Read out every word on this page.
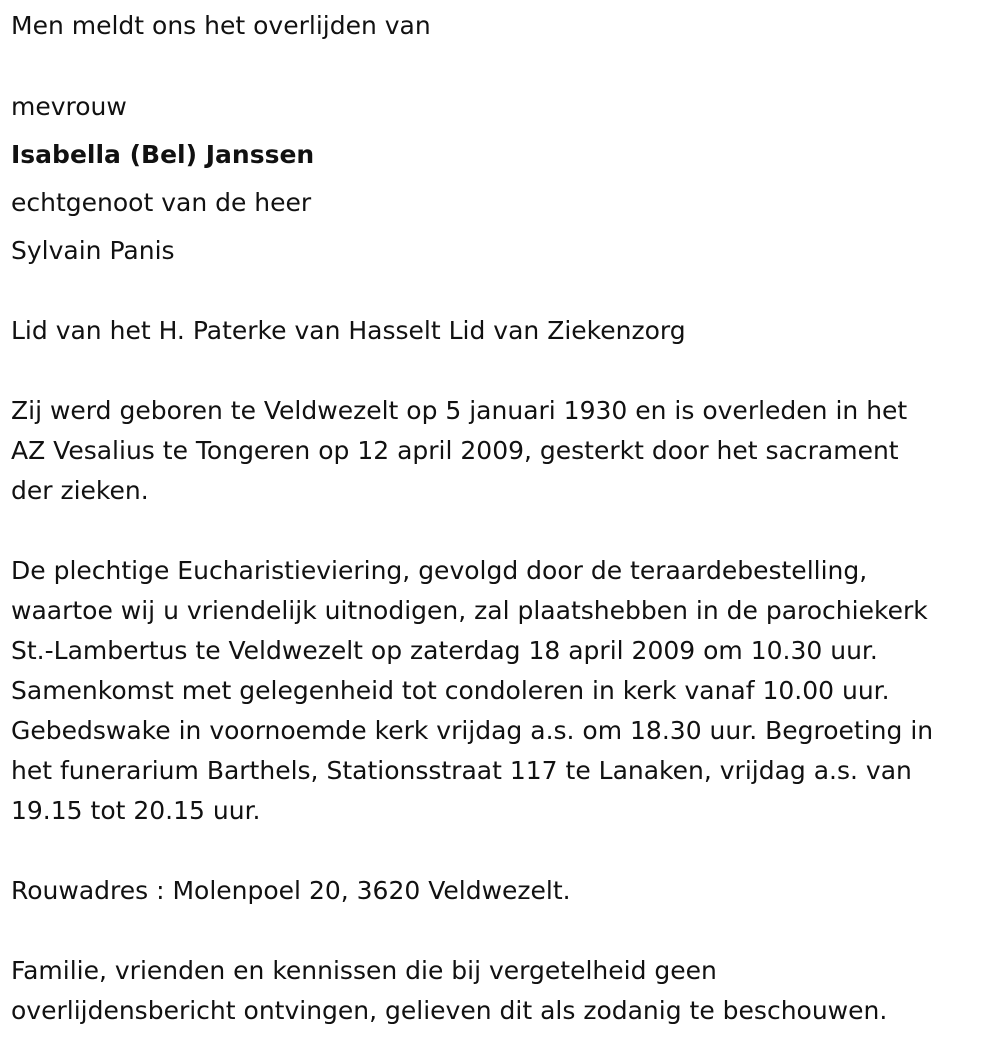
Men meldt ons het overlijden van

mevrouw

Isabella (Bel) Janssen

echtgenoot van de heer

Sylvain Panis

Lid van het H. Paterke van Hasselt Lid van Ziekenzorg

Zij werd geboren te Veldwezelt op 5 januari 1930 en is overleden in het

AZ Vesalius te Tongeren op 12 april 2009, gesterkt door het sacrament

der zieken.

De plechtige Eucharistieviering, gevolgd door de teraardebestelling,

waartoe wij u vriendelijk uitnodigen, zal plaatshebben in de parochiekerk

St.-Lambertus te Veldwezelt op zaterdag 18 april 2009 om 10.30 uur.

Samenkomst met gelegenheid tot condoleren in kerk vanaf 10.00 uur.

Gebedswake in voornoemde kerk vrijdag a.s. om 18.30 uur. Begroeting in

het funerarium Barthels, Stationsstraat 117 te Lanaken, vrijdag a.s. van

19.15 tot 20.15 uur.

Rouwadres : Molenpoel 20, 3620 Veldwezelt.

Familie, vrienden en kennissen die bij vergetelheid geen

overlijdensbericht ontvingen, gelieven dit als zodanig te beschouwen.
